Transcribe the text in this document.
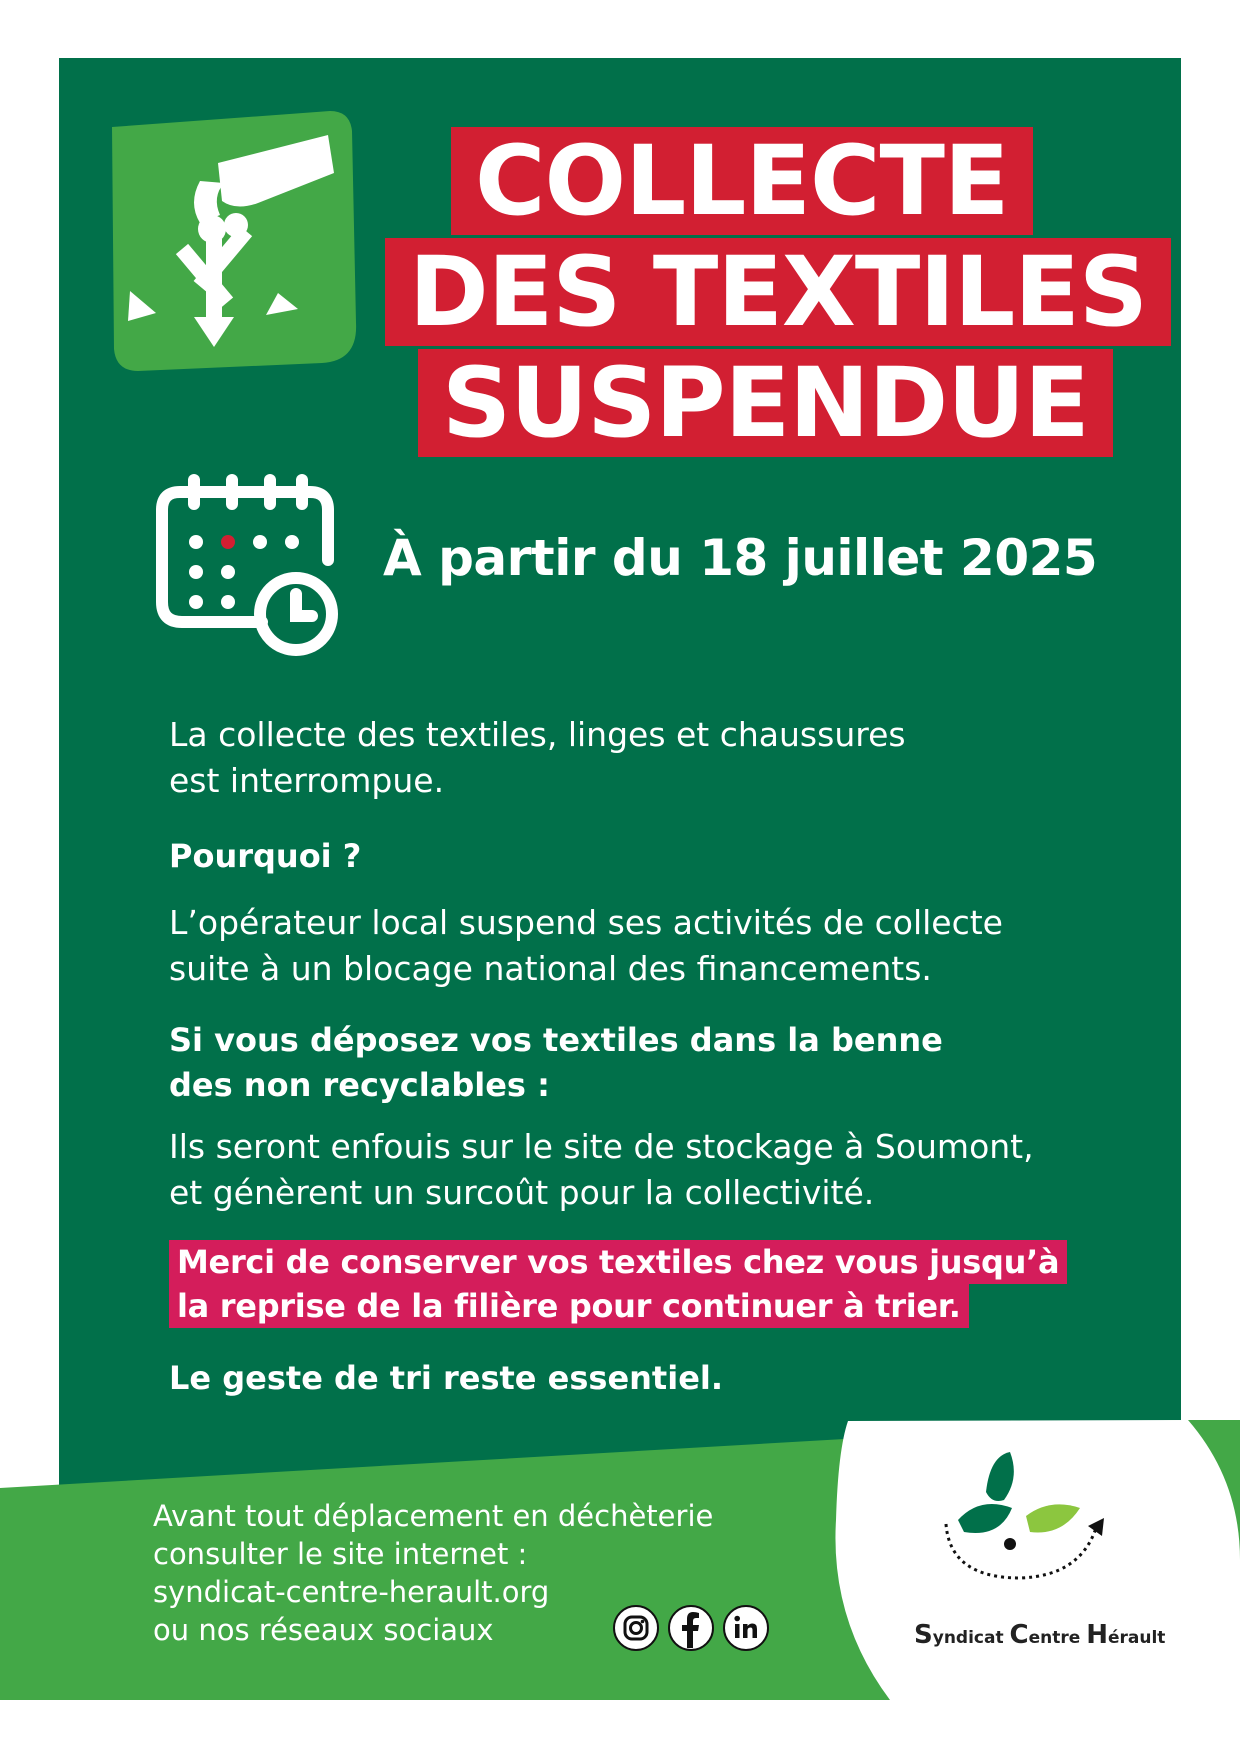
COLLECTE
DES TEXTILES
SUSPENDUE
À partir du 18 juillet 2025

La collecte des textiles, linges et chaussures
est interrompue.

Pourquoi ?

L’opérateur local suspend ses activités de collecte
suite à un blocage national des financements.

Si vous déposez vos textiles dans la benne
des non recyclables :

Ils seront enfouis sur le site de stockage à Soumont,
et génèrent un surcoût pour la collectivité.

Merci de conserver vos textiles chez vous jusqu’à
la reprise de la filière pour continuer à trier.

Le geste de tri reste essentiel.

Avant tout déplacement en déchèterie
consulter le site internet :
syndicat-centre-herault.org
ou nos réseaux sociaux	Syndicat Centre Hérault
